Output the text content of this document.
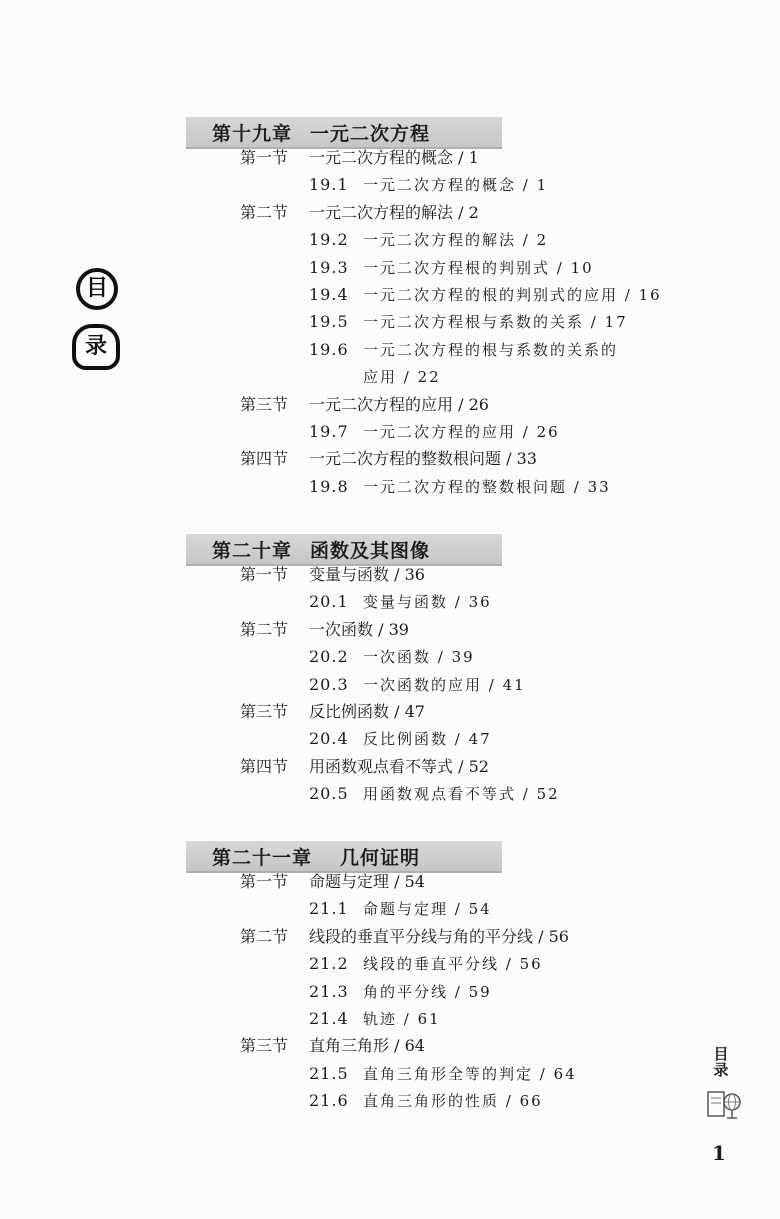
目
录
第十九章 一元二次方程
第一节 一元二次方程的概念 / 1
19.1 一元二次方程的概念 / 1
第二节 一元二次方程的解法 / 2
19.2 一元二次方程的解法 / 2
19.3 一元二次方程根的判别式 / 10
19.4 一元二次方程的根的判别式的应用 / 16
19.5 一元二次方程根与系数的关系 / 17
19.6 一元二次方程的根与系数的关系的
应用 / 22
第三节 一元二次方程的应用 / 26
19.7 一元二次方程的应用 / 26
第四节 一元二次方程的整数根问题 / 33
19.8 一元二次方程的整数根问题 / 33
第二十章 函数及其图像
第一节 变量与函数 / 36
20.1 变量与函数 / 36
第二节 一次函数 / 39
20.2 一次函数 / 39
20.3 一次函数的应用 / 41
第三节 反比例函数 / 47
20.4 反比例函数 / 47
第四节 用函数观点看不等式 / 52
20.5 用函数观点看不等式 / 52
第二十一章 几何证明
第一节 命题与定理 / 54
21.1 命题与定理 / 54
第二节 线段的垂直平分线与角的平分线 / 56
21.2 线段的垂直平分线 / 56
21.3 角的平分线 / 59
21.4 轨迹 / 61
第三节 直角三角形 / 64
21.5 直角三角形全等的判定 / 64
21.6 直角三角形的性质 / 66
目
录
1
